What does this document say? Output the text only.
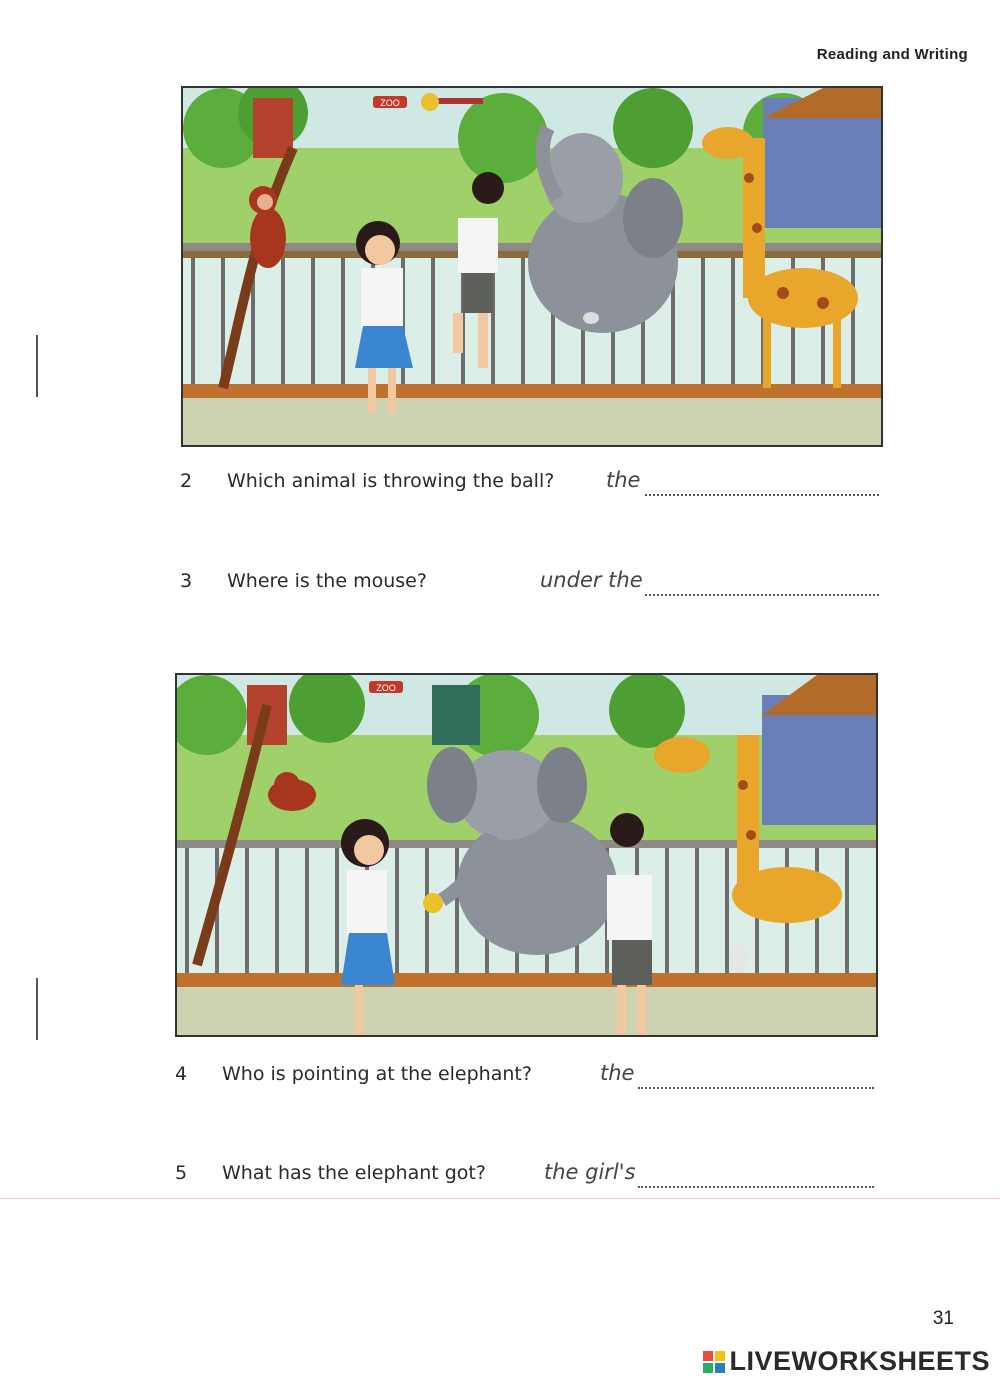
Reading and Writing
ZOO
2 Which animal is throwing the ball? the
3 Where is the mouse?	under the
ZOO
4 Who is pointing at the elephant?	the
5 What has the elephant got?	the girl's
31
LIVEWORKSHEETS
